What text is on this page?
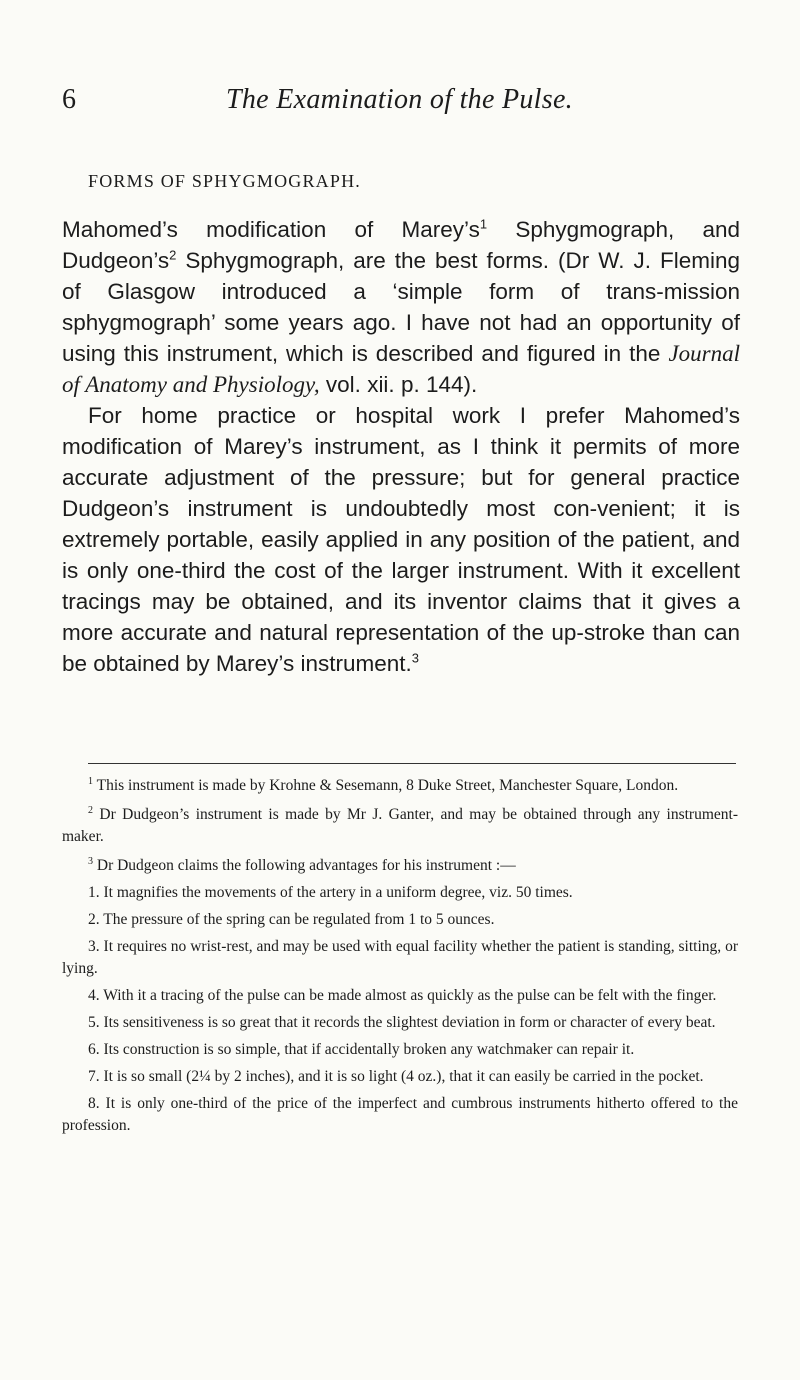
6	The Examination of the Pulse.
FORMS OF SPHYGMOGRAPH.

Mahomed’s modification of $Marey’s^1$ Sphygmograph, and $Dudgeon’s^2$ Sphygmograph, are the best forms. (Dr W. J. Fleming of Glasgow introduced a ‘simple form of trans-mission sphygmograph’ some years ago. I have not had an opportunity of using this instrument, which is described and figured in the Journal of Anatomy and Physiology, vol. xii. p. 144).

For home practice or hospital work I prefer Mahomed’s modification of Marey’s instrument, as I think it permits of more accurate adjustment of the pressure; but for general practice Dudgeon’s instrument is undoubtedly most con-venient; it is extremely portable, easily applied in any position of the patient, and is only one-third the cost of the larger instrument. With it excellent tracings may be obtained, and its inventor claims that it gives a more accurate and natural representation of the up-stroke than can be obtained by Marey’s instrument.$^3$

$^1$ This instrument is made by Krohne & Sesemann, 8 Duke Street, Manchester Square, London.

$^2$ Dr Dudgeon’s instrument is made by Mr J. Ganter, and may be obtained through any instrument-maker.

$^3$ Dr Dudgeon claims the following advantages for his instrument :—

1. It magnifies the movements of the artery in a uniform degree, viz. 50 times.

2. The pressure of the spring can be regulated from 1 to 5 ounces.

3. It requires no wrist-rest, and may be used with equal facility whether the patient is standing, sitting, or lying.

4. With it a tracing of the pulse can be made almost as quickly as the pulse can be felt with the finger.

5. Its sensitiveness is so great that it records the slightest deviation in form or character of every beat.

6. Its construction is so simple, that if accidentally broken any watchmaker can repair it.

7. It is so small (2¼ by 2 inches), and it is so light (4 oz.), that it can easily be carried in the pocket.

8. It is only one-third of the price of the imperfect and cumbrous instruments hitherto offered to the profession.
